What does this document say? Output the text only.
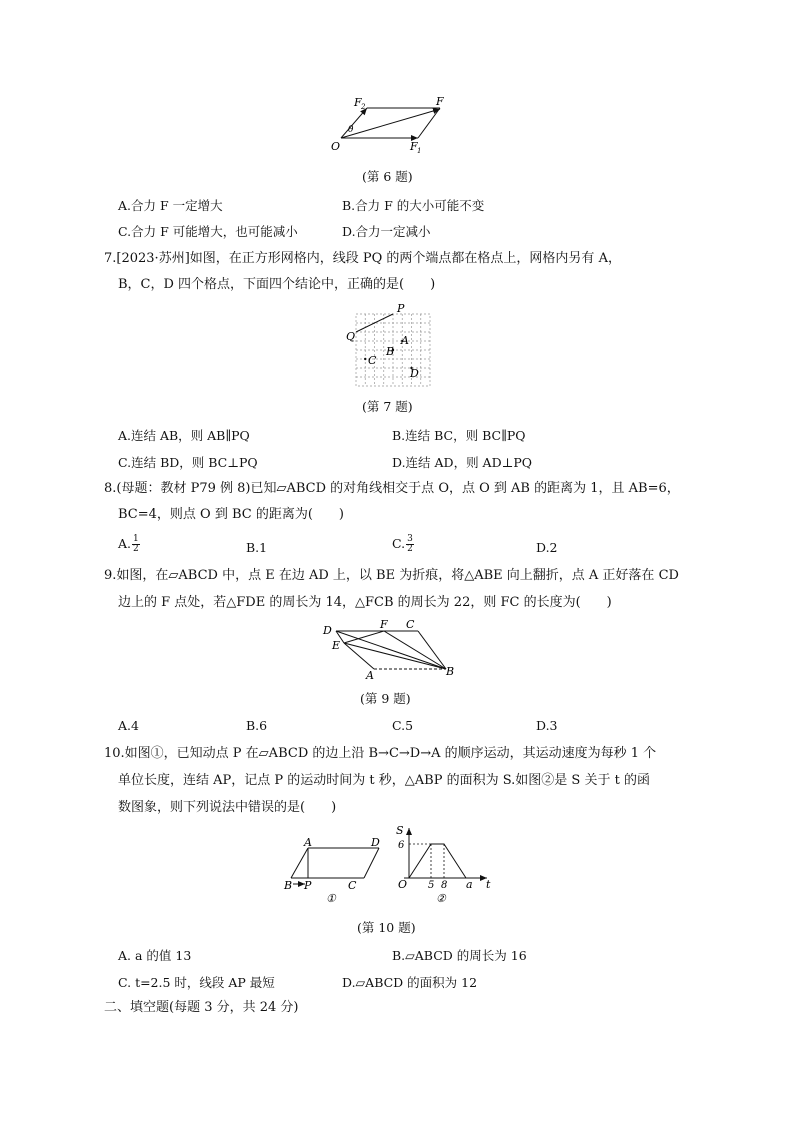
F 2	F
θ
O	F 1
(第 6 题)
A.合力 F 一定增大	B.合力 F 的大小可能不变
C.合力 F 可能增大，也可能减小	D.合力一定减小
7.[2023·苏州]如图，在正方形网格内，线段 PQ 的两个端点都在格点上，网格内另有 A，
B，C，D 四个格点，下面四个结论中，正确的是(　　)
P
Q	A
B
C
D
(第 7 题)
A.连结 AB，则 AB∥PQ	B.连结 BC，则 BC∥PQ
C.连结 BD，则 BC⊥PQ	D.连结 AD，则 AD⊥PQ
8.(母题：教材 P79 例 8)已知▱ABCD 的对角线相交于点 O，点 O 到 AB 的距离为 1，且 AB=6，
BC=4，则点 O 到 BC 的距离为(　　)
A. $\frac{1}{2}$	B.1	C. $\frac{3}{2}$	D.2
9.如图，在▱ABCD 中，点 E 在边 AD 上，以 BE 为折痕，将△ABE 向上翻折，点 A 正好落在 CD
边上的 F 点处，若△FDE 的周长为 14，△FCB 的周长为 22，则 FC 的长度为(　　)
D	F C
E
B
A
(第 9 题)
A.4	B.6	C.5	D.3
10.如图①，已知动点 P 在▱ABCD 的边上沿 B→C→D→A 的顺序运动，其运动速度为每秒 1 个
单位长度，连结 AP，记点 P 的运动时间为 t 秒，△ABP 的面积为 S.如图②是 S 关于 t 的函
数图象，则下列说法中错误的是(　　)
A	D
B P	C
①
S
6
O 5 8 a t
②
(第 10 题)
A. a 的值 13	B.▱ABCD 的周长为 16
C. t=2.5 时，线段 AP 最短	D.▱ABCD 的面积为 12
二、填空题(每题 3 分，共 24 分)
